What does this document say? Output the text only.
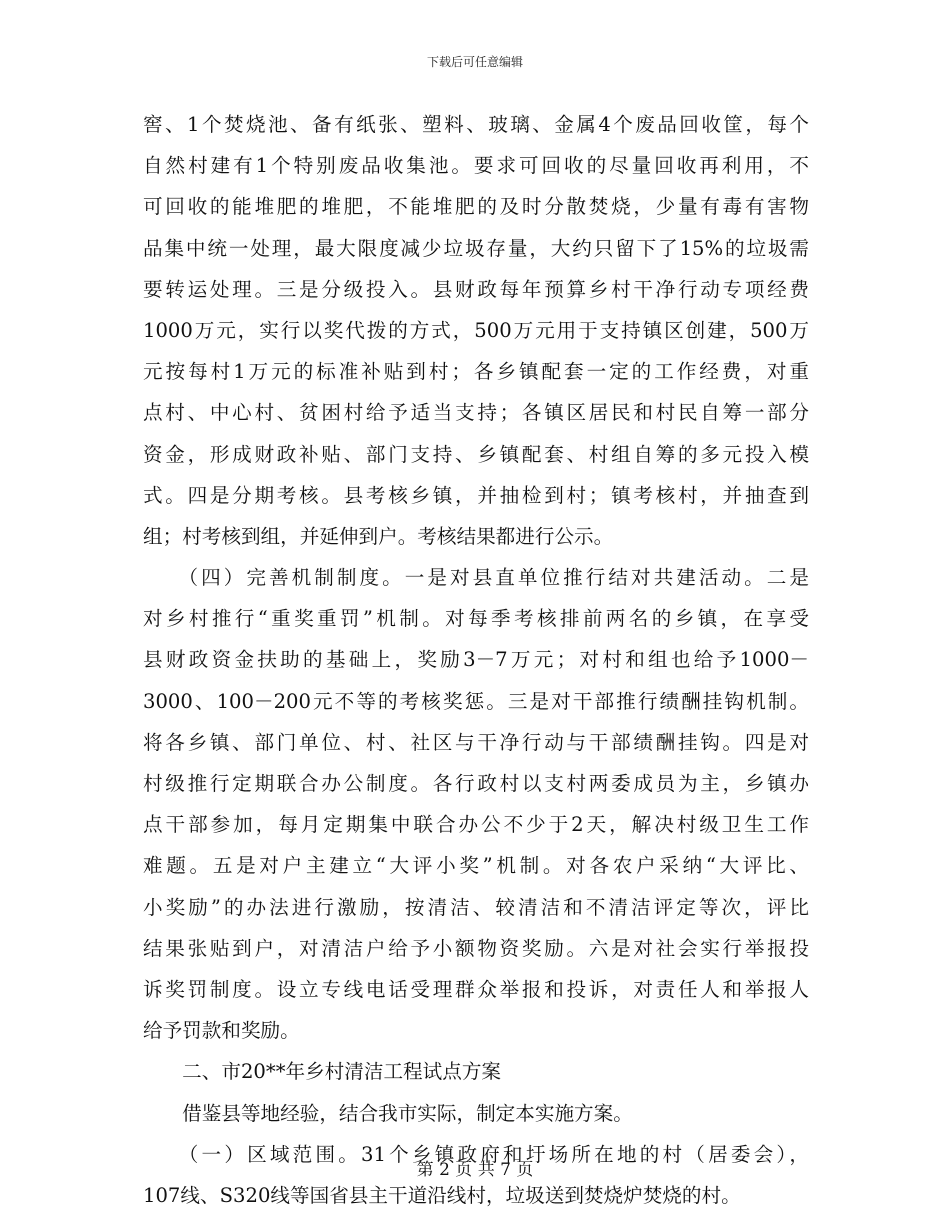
下载后可任意编辑
窖、1个焚烧池、备有纸张、塑料、玻璃、金属4个废品回收筐，每个
自然村建有1个特别废品收集池。要求可回收的尽量回收再利用，不
可回收的能堆肥的堆肥，不能堆肥的及时分散焚烧，少量有毒有害物
品集中统一处理，最大限度减少垃圾存量，大约只留下了15%的垃圾需
要转运处理。三是分级投入。县财政每年预算乡村干净行动专项经费
1000万元，实行以奖代拨的方式，500万元用于支持镇区创建，500万
元按每村1万元的标准补贴到村；各乡镇配套一定的工作经费，对重
点村、中心村、贫困村给予适当支持；各镇区居民和村民自筹一部分
资金，形成财政补贴、部门支持、乡镇配套、村组自筹的多元投入模
式。四是分期考核。县考核乡镇，并抽检到村；镇考核村，并抽查到
组；村考核到组，并延伸到户。考核结果都进行公示。
　　（四）完善机制制度。一是对县直单位推行结对共建活动。二是
对乡村推行“重奖重罚”机制。对每季考核排前两名的乡镇，在享受
县财政资金扶助的基础上，奖励3－7万元；对村和组也给予1000－
3000、100－200元不等的考核奖惩。三是对干部推行绩酬挂钩机制。
将各乡镇、部门单位、村、社区与干净行动与干部绩酬挂钩。四是对
村级推行定期联合办公制度。各行政村以支村两委成员为主，乡镇办
点干部参加，每月定期集中联合办公不少于2天，解决村级卫生工作
难题。五是对户主建立“大评小奖”机制。对各农户采纳“大评比、
小奖励”的办法进行激励，按清洁、较清洁和不清洁评定等次，评比
结果张贴到户，对清洁户给予小额物资奖励。六是对社会实行举报投
诉奖罚制度。设立专线电话受理群众举报和投诉，对责任人和举报人
给予罚款和奖励。
　　二、市20**年乡村清洁工程试点方案
　　借鉴县等地经验，结合我市实际，制定本实施方案。
　　（一）区域范围。31个乡镇政府和圩场所在地的村（居委会），
107线、S320线等国省县主干道沿线村，垃圾送到焚烧炉焚烧的村。
第 2 页 共 7 页
